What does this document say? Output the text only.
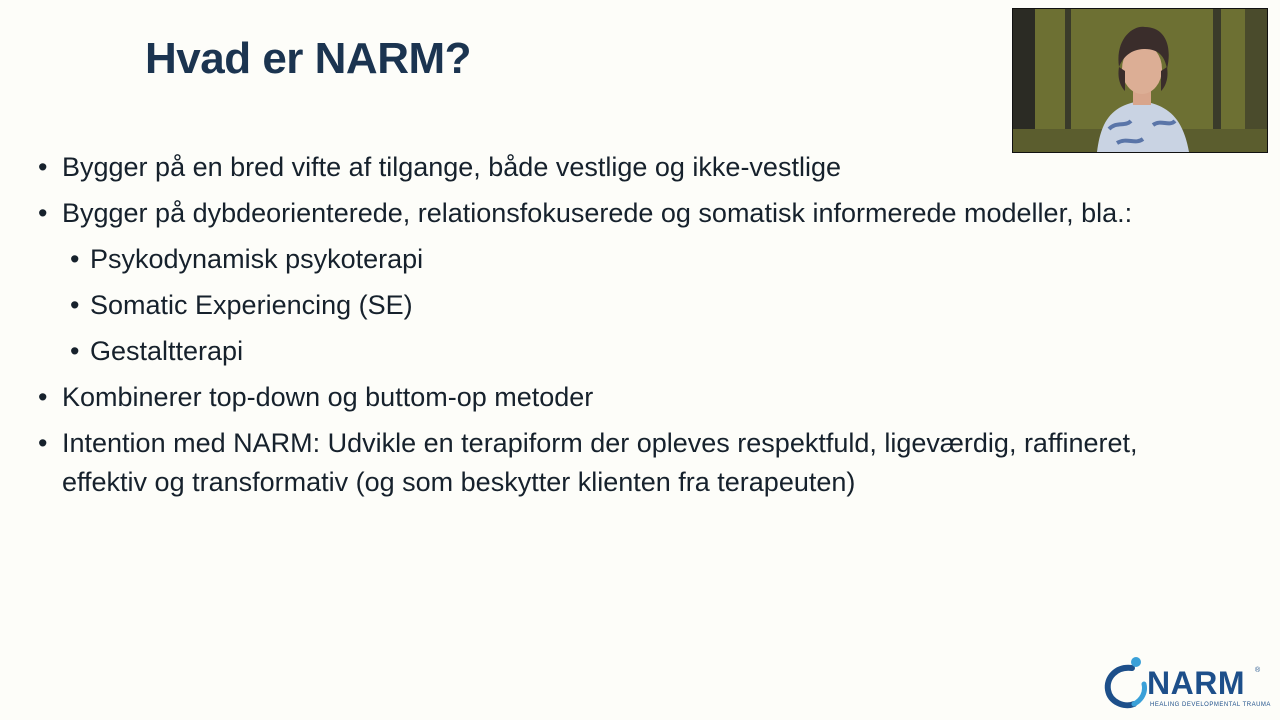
Hvad er NARM?
• Bygger på en bred vifte af tilgange, både vestlige og ikke-vestlige
• Bygger på dybdeorienterede, relationsfokuserede og somatisk informerede modeller, bla.:
• Psykodynamisk psykoterapi
• Somatic Experiencing (SE)
• Gestaltterapi
• Kombinerer top-down og buttom-op metoder
• Intention med NARM: Udvikle en terapiform der opleves respektfuld, ligeværdig, raffineret, effektiv og transformativ (og som beskytter klienten fra terapeuten)
NARM ®
HEALING DEVELOPMENTAL TRAUMA
